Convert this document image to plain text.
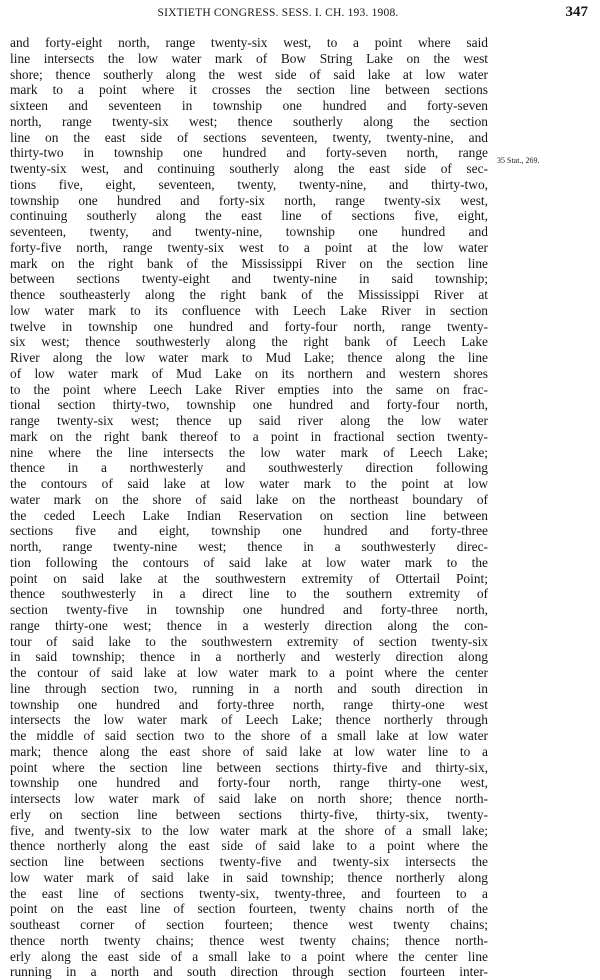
SIXTIETH CONGRESS. SESS. I. CH. 193. 1908.	347
35 Stat., 269.
and forty-eight north, range twenty-six west, to a point where said
line intersects the low water mark of Bow String Lake on the west
shore; thence southerly along the west side of said lake at low water
mark to a point where it crosses the section line between sections
sixteen and seventeen in township one hundred and forty-seven
north, range twenty-six west; thence southerly along the section
line on the east side of sections seventeen, twenty, twenty-nine, and
thirty-two in township one hundred and forty-seven north, range
twenty-six west, and continuing southerly along the east side of sec-
tions five, eight, seventeen, twenty, twenty-nine, and thirty-two,
township one hundred and forty-six north, range twenty-six west,
continuing southerly along the east line of sections five, eight,
seventeen, twenty, and twenty-nine, township one hundred and
forty-five north, range twenty-six west to a point at the low water
mark on the right bank of the Mississippi River on the section line
between sections twenty-eight and twenty-nine in said township;
thence southeasterly along the right bank of the Mississippi River at
low water mark to its confluence with Leech Lake River in section
twelve in township one hundred and forty-four north, range twenty-
six west; thence southwesterly along the right bank of Leech Lake
River along the low water mark to Mud Lake; thence along the line
of low water mark of Mud Lake on its northern and western shores
to the point where Leech Lake River empties into the same on frac-
tional section thirty-two, township one hundred and forty-four north,
range twenty-six west; thence up said river along the low water
mark on the right bank thereof to a point in fractional section twenty-
nine where the line intersects the low water mark of Leech Lake;
thence in a northwesterly and southwesterly direction following
the contours of said lake at low water mark to the point at low
water mark on the shore of said lake on the northeast boundary of
the ceded Leech Lake Indian Reservation on section line between
sections five and eight, township one hundred and forty-three
north, range twenty-nine west; thence in a southwesterly direc-
tion following the contours of said lake at low water mark to the
point on said lake at the southwestern extremity of Ottertail Point;
thence southwesterly in a direct line to the southern extremity of
section twenty-five in township one hundred and forty-three north,
range thirty-one west; thence in a westerly direction along the con-
tour of said lake to the southwestern extremity of section twenty-six
in said township; thence in a northerly and westerly direction along
the contour of said lake at low water mark to a point where the center
line through section two, running in a north and south direction in
township one hundred and forty-three north, range thirty-one west
intersects the low water mark of Leech Lake; thence northerly through
the middle of said section two to the shore of a small lake at low water
mark; thence along the east shore of said lake at low water line to a
point where the section line between sections thirty-five and thirty-six,
township one hundred and forty-four north, range thirty-one west,
intersects low water mark of said lake on north shore; thence north-
erly on section line between sections thirty-five, thirty-six, twenty-
five, and twenty-six to the low water mark at the shore of a small lake;
thence northerly along the east side of said lake to a point where the
section line between sections twenty-five and twenty-six intersects the
low water mark of said lake in said township; thence northerly along
the east line of sections twenty-six, twenty-three, and fourteen to a
point on the east line of section fourteen, twenty chains north of the
southeast corner of section fourteen; thence west twenty chains;
thence north twenty chains; thence west twenty chains; thence north-
erly along the east side of a small lake to a point where the center line
running in a north and south direction through section fourteen inter-
